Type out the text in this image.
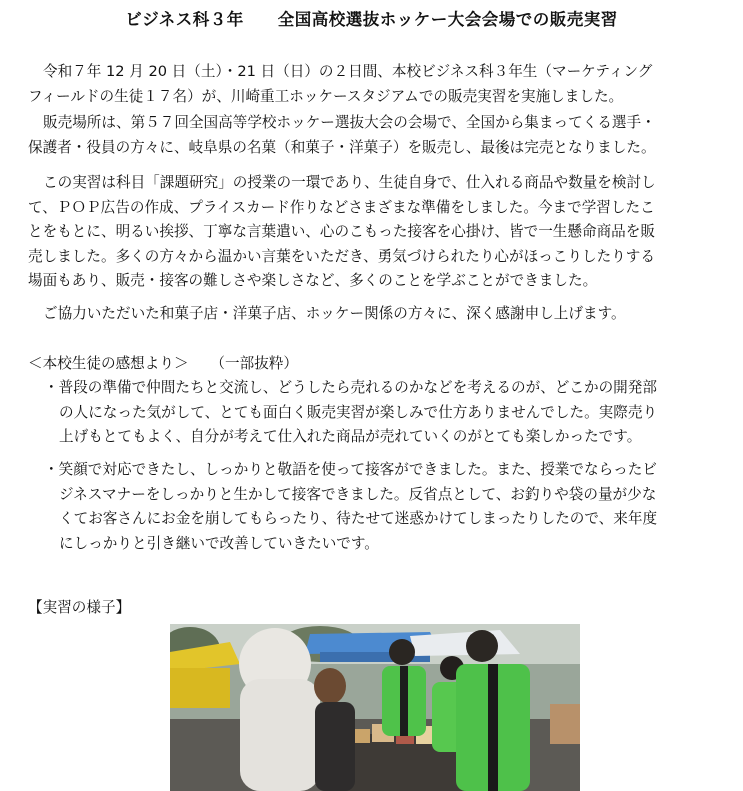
ビジネス科３年　　全国高校選抜ホッケー大会会場での販売実習
令和７年 12 月 20 日（土）・21 日（日）の２日間、本校ビジネス科３年生（マーケティング
フィールドの生徒１７名）が、川崎重工ホッケースタジアムでの販売実習を実施しました。
販売場所は、第５７回全国高等学校ホッケー選抜大会の会場で、全国から集まってくる選手・
保護者・役員の方々に、岐阜県の名菓（和菓子・洋菓子）を販売し、最後は完売となりました。
この実習は科目「課題研究」の授業の一環であり、生徒自身で、仕入れる商品や数量を検討し
て、ＰＯＰ広告の作成、プライスカード作りなどさまざまな準備をしました。今まで学習したこ
とをもとに、明るい挨拶、丁寧な言葉遣い、心のこもった接客を心掛け、皆で一生懸命商品を販
売しました。多くの方々から温かい言葉をいただき、勇気づけられたり心がほっこりしたりする
場面もあり、販売・接客の難しさや楽しさなど、多くのことを学ぶことができました。
ご協力いただいた和菓子店・洋菓子店、ホッケー関係の方々に、深く感謝申し上げます。
＜本校生徒の感想より＞　　（一部抜粋）
・普段の準備で仲間たちと交流し、どうしたら売れるのかなどを考えるのが、どこかの開発部
の人になった気がして、とても面白く販売実習が楽しみで仕方ありませんでした。実際売り
上げもとてもよく、自分が考えて仕入れた商品が売れていくのがとても楽しかったです。
・笑顔で対応できたし、しっかりと敬語を使って接客ができました。また、授業でならったビ
ジネスマナーをしっかりと生かして接客できました。反省点として、お釣りや袋の量が少な
くてお客さんにお金を崩してもらったり、待たせて迷惑かけてしまったりしたので、来年度
にしっかりと引き継いで改善していきたいです。
【実習の様子】
